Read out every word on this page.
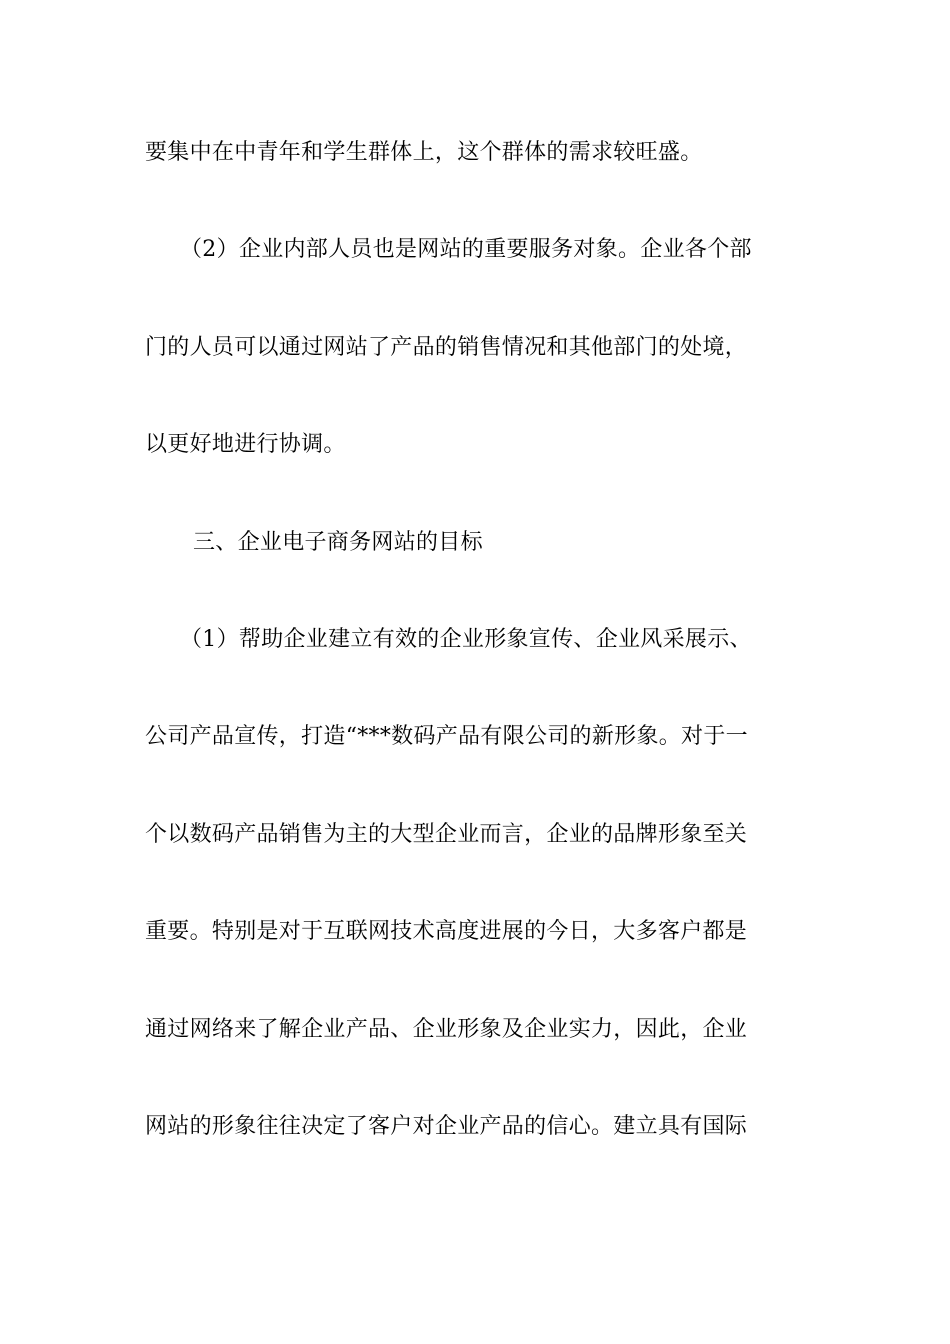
要集中在中青年和学生群体上，这个群体的需求较旺盛。
（2）企业内部人员也是网站的重要服务对象。企业各个部
门的人员可以通过网站了产品的销售情况和其他部门的处境，
以更好地进行协调。
三、企业电子商务网站的目标
（1）帮助企业建立有效的企业形象宣传、企业风采展示、
公司产品宣传，打造“***数码产品有限公司的新形象。对于一
个以数码产品销售为主的大型企业而言，企业的品牌形象至关
重要。特别是对于互联网技术高度进展的今日，大多客户都是
通过网络来了解企业产品、企业形象及企业实力，因此，企业
网站的形象往往决定了客户对企业产品的信心。建立具有国际
